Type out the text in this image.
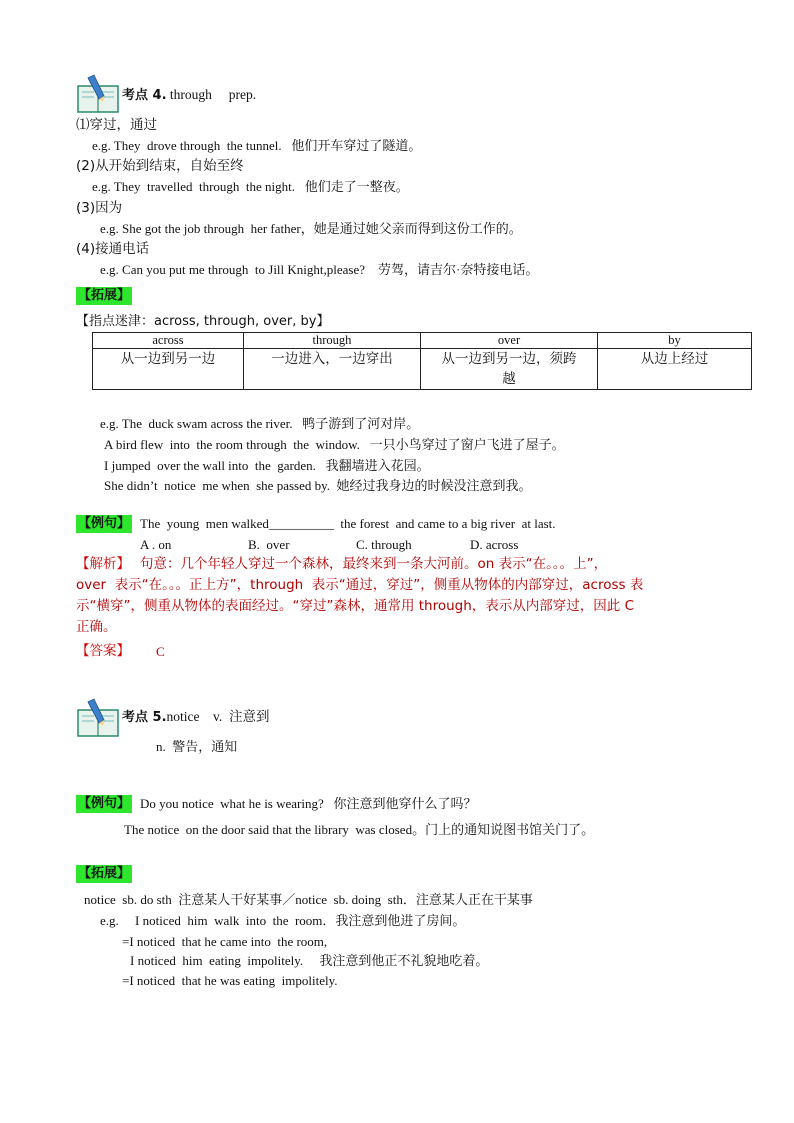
考点 4. through     prep.
⑴穿过，通过
e.g. They  drove through  the tunnel.   他们开车穿过了隧道。
(2)从开始到结束，自始至终
e.g. They  travelled  through  the night.   他们走了一整夜。
(3)因为
e.g. She got the job through  her father，她是通过她父亲而得到这份工作的。
(4)接通电话
e.g. Can you put me through  to Jill Knight,please?    劳驾，请吉尔·奈特接电话。
【拓展】
【指点迷津：across, through, over, by】
across	through	over	by
从一边到另一边	一边进入，一边穿出	从一边到另一边，须跨
越	从边上经过
e.g. The  duck swam across the river.   鸭子游到了河对岸。
A bird flew  into  the room through  the  window.   一只小鸟穿过了窗户飞进了屋子。
I jumped  over the wall into  the  garden.   我翻墙进入花园。
She didn’t  notice  me when  she passed by.  她经过我身边的时候没注意到我。
【例句】 The  young  men walked__________  the forest  and came to a big river  at last.
A . on	B.  over	C. through	D. across
【解析】 句意：几个年轻人穿过一个森林，最终来到一条大河前。on 表示“在。。。上”，
over  表示“在。。。正上方”，through  表示“通过，穿过”，侧重从物体的内部穿过，across 表
示“横穿”，侧重从物体的表面经过。“穿过”森林，通常用 through，表示从内部穿过，因此 C
正确。
【答案】 C
考点 5.notice    v.  注意到
n.  警告，通知
【例句】 Do you notice  what he is wearing?   你注意到他穿什么了吗？
The notice  on the door said that the library  was closed。门上的通知说图书馆关门了。
【拓展】
notice  sb. do sth  注意某人干好某事／notice  sb. doing  sth．注意某人正在干某事
e.g.     I noticed  him  walk  into  the  room．我注意到他进了房间。
=I noticed  that he came into  the room,
I noticed  him  eating  impolitely.     我注意到他正不礼貌地吃着。
=I noticed  that he was eating  impolitely.
